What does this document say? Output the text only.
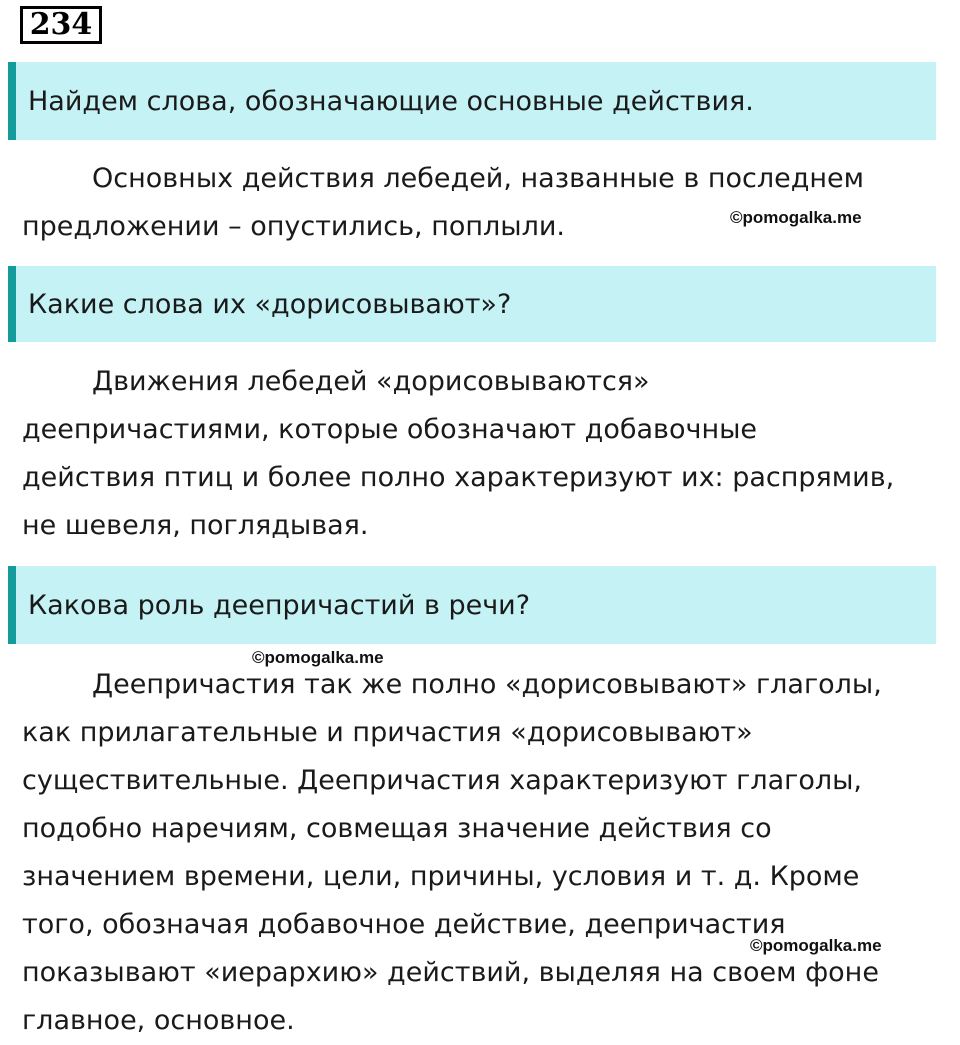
234
Найдем слова, обозначающие основные действия.
Основных действия лебедей, названные в последнем
предложении – опустились, поплыли.	©pomogalka.me
Какие слова их «дорисовывают»?
Движения лебедей «дорисовываются»
деепричастиями, которые обозначают добавочные
действия птиц и более полно характеризуют их: распрямив,
не шевеля, поглядывая.
Какова роль деепричастий в речи?
©pomogalka.me
Деепричастия так же полно «дорисовывают» глаголы,
как прилагательные и причастия «дорисовывают»
существительные. Деепричастия характеризуют глаголы,
подобно наречиям, совмещая значение действия со
значением времени, цели, причины, условия и т. д. Кроме
того, обозначая добавочное действие, деепричастия
показывают «иерархию» действий, выделяя на своем фоне
главное, основное.
©pomogalka.me
